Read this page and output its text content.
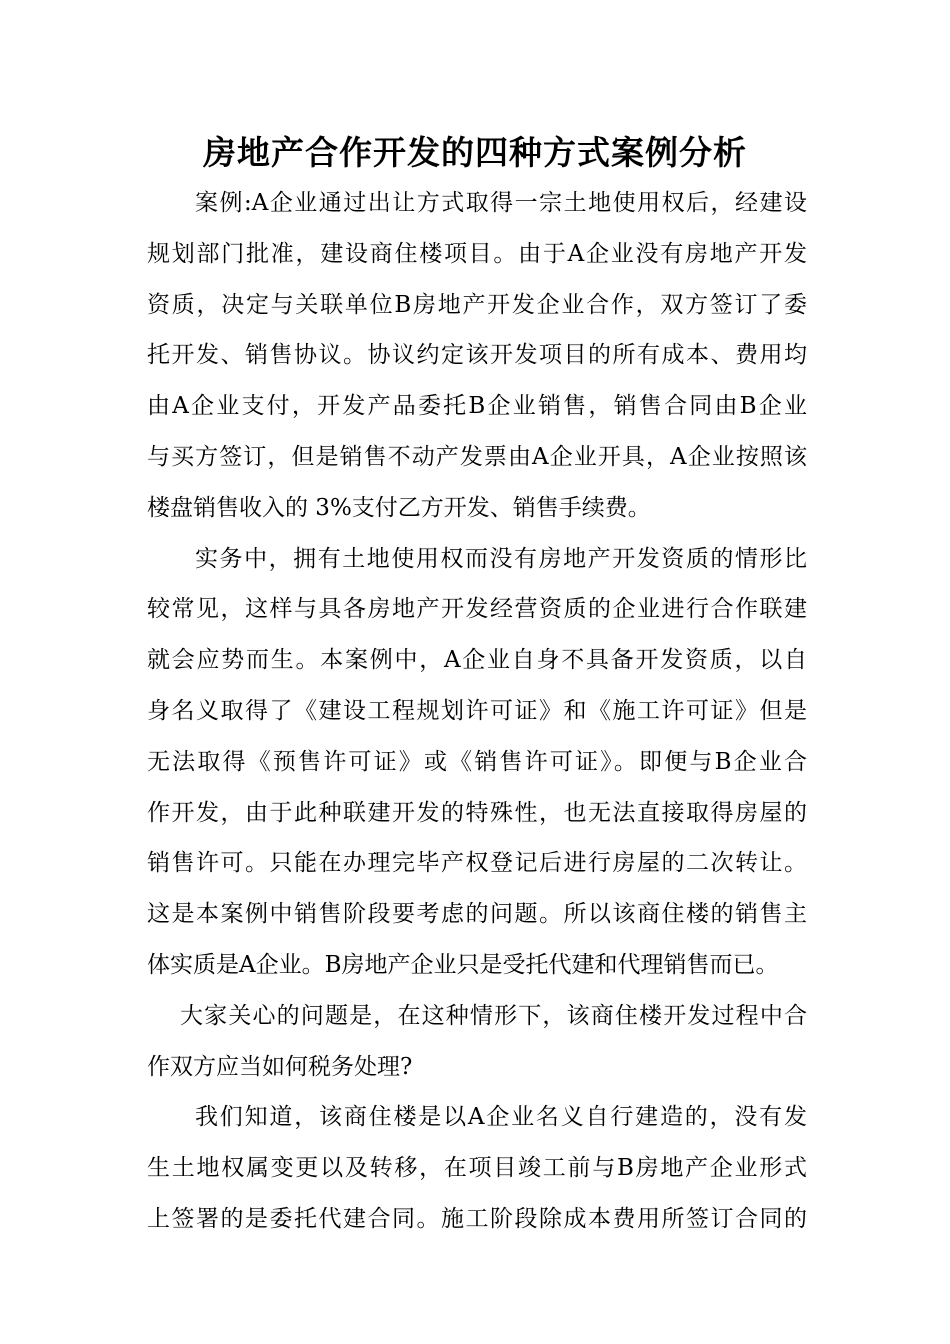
房地产合作开发的四种方式案例分析
案例:A企业通过出让方式取得一宗土地使用权后，经建设
规划部门批准，建设商住楼项目。由于A企业没有房地产开发
资质，决定与关联单位B房地产开发企业合作，双方签订了委
托开发、销售协议。协议约定该开发项目的所有成本、费用均
由A企业支付，开发产品委托B企业销售，销售合同由B企业
与买方签订，但是销售不动产发票由A企业开具，A企业按照该
楼盘销售收入的 3%支付乙方开发、销售手续费。
实务中，拥有土地使用权而没有房地产开发资质的情形比
较常见，这样与具各房地产开发经营资质的企业进行合作联建
就会应势而生。本案例中，A企业自身不具备开发资质，以自
身名义取得了《建设工程规划许可证》和《施工许可证》但是
无法取得《预售许可证》或《销售许可证》。即便与B企业合
作开发，由于此种联建开发的特殊性，也无法直接取得房屋的
销售许可。只能在办理完毕产权登记后进行房屋的二次转让。
这是本案例中销售阶段要考虑的问题。所以该商住楼的销售主
体实质是A企业。B房地产企业只是受托代建和代理销售而已。
大家关心的问题是，在这种情形下，该商住楼开发过程中合
作双方应当如何税务处理?
我们知道，该商住楼是以A企业名义自行建造的，没有发
生土地权属变更以及转移，在项目竣工前与B房地产企业形式
上签署的是委托代建合同。施工阶段除成本费用所签订合同的
